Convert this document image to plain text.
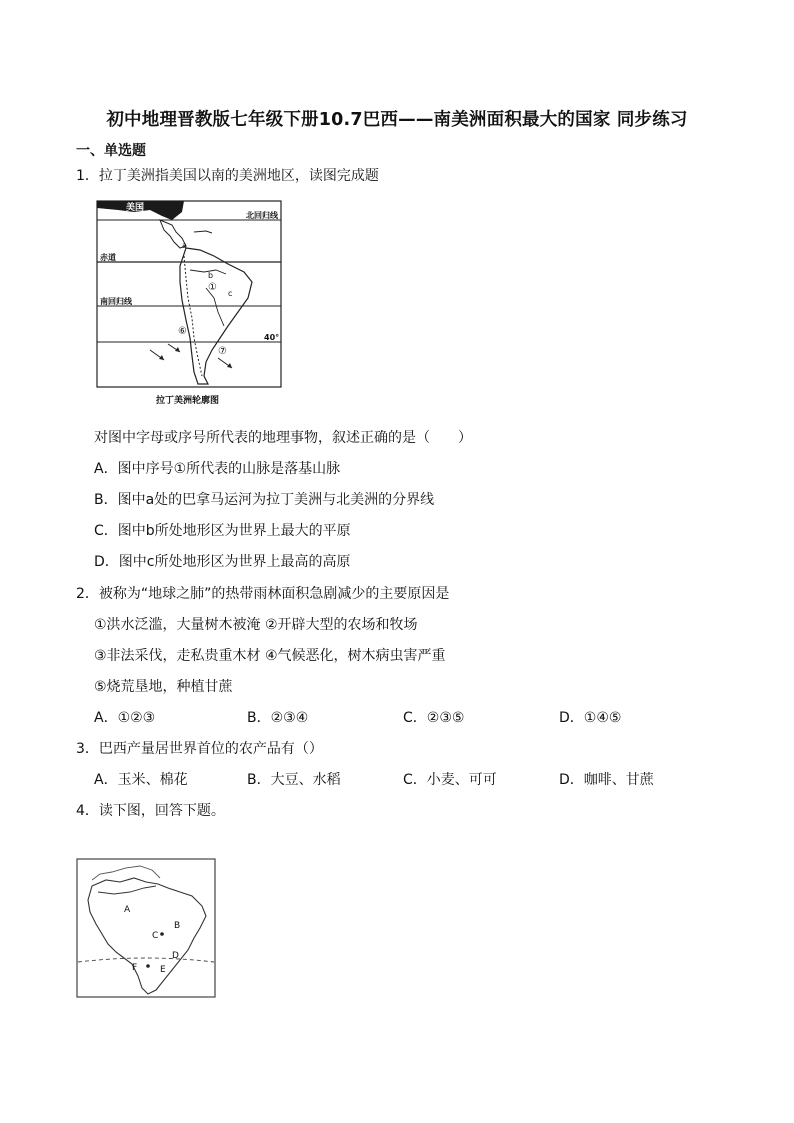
初中地理晋教版七年级下册10.7巴西——南美洲面积最大的国家 同步练习
一、单选题
1．拉丁美洲指美国以南的美洲地区，读图完成题
美国
北回归线
赤道
南回归线
40°
a
b
c
①
⑥
⑦
拉丁美洲轮廓图
对图中字母或序号所代表的地理事物，叙述正确的是（　　）
A．图中序号①所代表的山脉是落基山脉
B．图中a处的巴拿马运河为拉丁美洲与北美洲的分界线
C．图中b所处地形区为世界上最大的平原
D．图中c所处地形区为世界上最高的高原
2．被称为“地球之肺”的热带雨林面积急剧减少的主要原因是
①洪水泛滥，大量树木被淹 ②开辟大型的农场和牧场
③非法采伐，走私贵重木材 ④气候恶化，树木病虫害严重
⑤烧荒垦地，种植甘蔗
A．①②③	B．②③④	C．②③⑤	D．①④⑤
3．巴西产量居世界首位的农产品有（）
A．玉米、棉花	B．大豆、水稻	C．小麦、可可	D．咖啡、甘蔗
4．读下图，回答下题。
A
B
C
D
E
F
